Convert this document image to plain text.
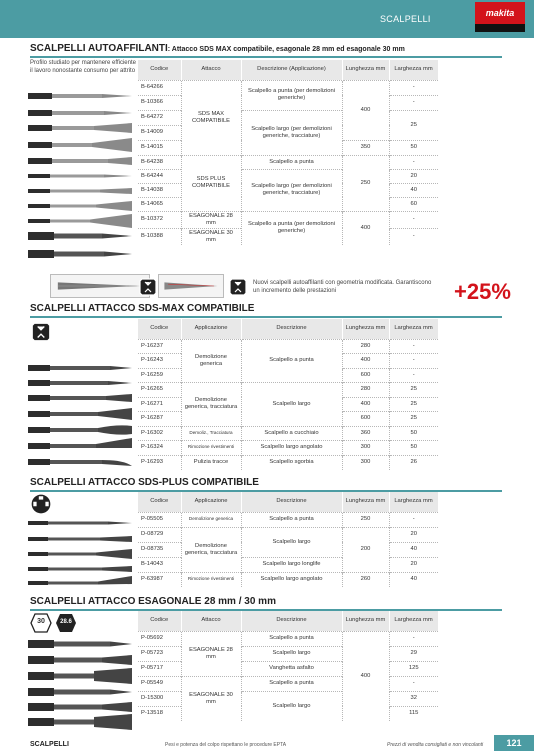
SCALPELLI
makita
SCALPELLI AUTOAFFILANTI: Attacco SDS MAX compatibile, esagonale 28 mm ed esagonale 30 mm
Profilo studiato per mantenere efficiente il lavoro nonostante consumo per attrito	Codice	Attacco	Descrizione (Applicazione)	Lunghezza mm	Larghezza mm
B-64266	SDS MAX COMPATIBILE	Scalpello a punta (per demolizioni generiche)	400	-
B-10366				-
B-64272		Scalpello largo (per demolizioni generiche, tracciature)		25
B-14009				
B-14015			350	50
B-64238	SDS PLUS COMPATIBILE	Scalpello a punta	250	-
B-64244		Scalpello largo (per demolizioni generiche, tracciature)		20
B-14038				40
B-14065				60
B-10372	ESAGONALE 28 mm	Scalpello a punta (per demolizioni generiche)	400	-
B-10388	ESAGONALE 30 mm			-
Nuovi scalpelli autoaffilanti con geometria modificata. Garantiscono un incremento delle prestazioni	+25%
SCALPELLI ATTACCO SDS-MAX COMPATIBILE
Codice	Applicazione	Descrizione	Lunghezza mm	Larghezza mm
P-16237	Demolizione generica	Scalpello a punta	280	-
P-16243			400	-
P-16259			600	-
P-16265	Demolizione generica, tracciatura	Scalpello largo	280	25
P-16271			400	25
P-16287			600	25
P-16302	Demoliz., Tracciatura	Scalpello a cucchiaio	360	50
P-16324	Rimozione rivestimenti	Scalpello largo angolato	300	50
P-16293	Pulizia tracce	Scalpello sgorbia	300	26
SCALPELLI ATTACCO SDS-PLUS COMPATIBILE
Codice	Applicazione	Descrizione	Lunghezza mm	Larghezza mm
P-05505	Demolizione generica	Scalpello a punta	250	-
D-08729	Demolizione generica, tracciatura	Scalpello largo	200	20
D-08735				40
B-14043		Scalpello largo longlife		20
P-63987	Rimozione rivestimenti	Scalpello largo angolato	260	40
SCALPELLI ATTACCO ESAGONALE 28 mm / 30 mm
30	28.6	Codice	Attacco	Descrizione	Lunghezza mm	Larghezza mm
P-05692	ESAGONALE 28 mm	Scalpello a punta	400	-
P-05723		Scalpello largo		29
P-05717		Vanghetta asfalto		125
P-05549	ESAGONALE 30 mm	Scalpello a punta		-
D-15300		Scalpello largo		32
P-13518				115
SCALPELLI	Pesi e potenza del colpo rispettano le procedure EPTA	Prezzi di vendita consigliati e non vincolanti	121
